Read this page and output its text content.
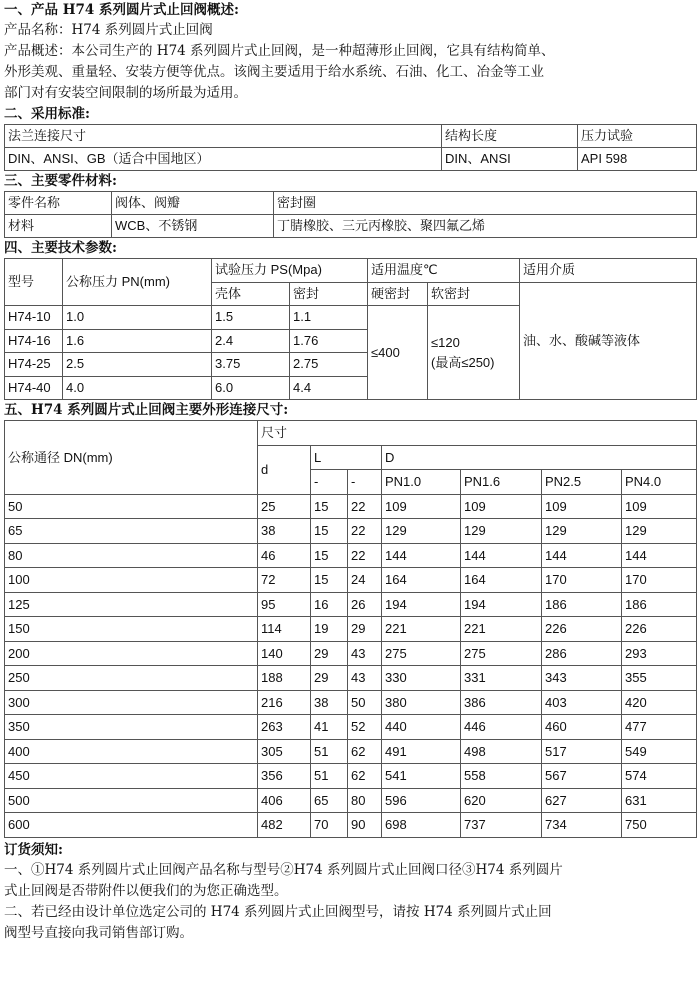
一、产品 H74 系列圆片式止回阀概述:
产品名称：H74 系列圆片式止回阀
产品概述：本公司生产的 H74 系列圆片式止回阀，是一种超薄形止回阀，它具有结构简单、
外形美观、重量轻、安装方便等优点。该阀主要适用于给水系统、石油、化工、冶金等工业
部门对有安装空间限制的场所最为适用。
二、采用标准:
法兰连接尺寸	结构长度	压力试验
DIN、ANSI、GB（适合中国地区）	DIN、ANSI	API 598
三、主要零件材料:
零件名称	阀体、阀瓣	密封圈
材料	WCB、不锈钢	丁腈橡胶、三元丙橡胶、聚四氟乙烯
四、主要技术参数:
型号	公称压力 PN(mm)	试验压力 PS(Mpa)		适用温度℃		适用介质
		壳体	密封	硬密封	软密封	油、水、酸碱等液体
H74-10	1.0	1.5	1.1	≤400	≤120
(最高≤250)	

H74-16	1.6	2.4	1.76			
H74-25	2.5	3.75	2.75			
H74-40	4.0	6.0	4.4			
五、H74 系列圆片式止回阀主要外形连接尺寸:
公称通径 DN(mm)	尺寸						
	d	L		D			
		-	-	PN1.0	PN1.6	PN2.5	PN4.0
50	25	15	22	109	109	109	109
65	38	15	22	129	129	129	129
80	46	15	22	144	144	144	144
100	72	15	24	164	164	170	170
125	95	16	26	194	194	186	186
150	114	19	29	221	221	226	226
200	140	29	43	275	275	286	293
250	188	29	43	330	331	343	355
300	216	38	50	380	386	403	420
350	263	41	52	440	446	460	477
400	305	51	62	491	498	517	549
450	356	51	62	541	558	567	574
500	406	65	80	596	620	627	631
600	482	70	90	698	737	734	750
订货须知:
一、①H74 系列圆片式止回阀产品名称与型号②H74 系列圆片式止回阀口径③H74 系列圆片
式止回阀是否带附件以便我们的为您正确选型。
二、若已经由设计单位选定公司的 H74 系列圆片式止回阀型号，请按 H74 系列圆片式止回
阀型号直接向我司销售部订购。
